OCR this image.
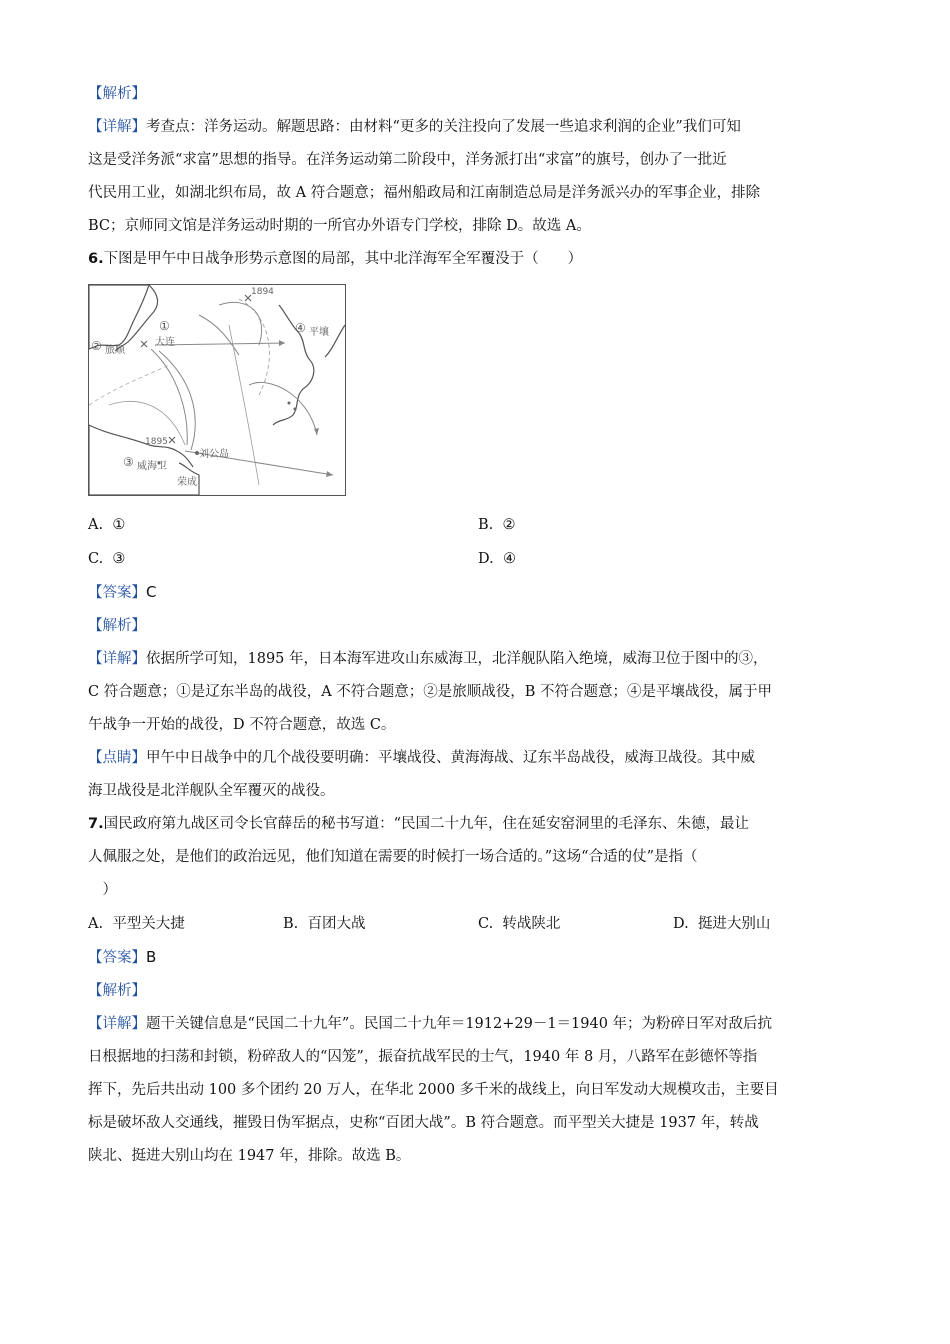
【解析】
【详解】考查点：洋务运动。解题思路：由材料“更多的关注投向了发展一些追求利润的企业”我们可知
这是受洋务派“求富”思想的指导。在洋务运动第二阶段中，洋务派打出“求富”的旗号，创办了一批近
代民用工业，如湖北织布局，故 A 符合题意；福州船政局和江南制造总局是洋务派兴办的军事企业，排除
BC；京师同文馆是洋务运动时期的一所官办外语专门学校，排除 D。故选 A。
6.下图是甲午中日战争形势示意图的局部，其中北洋海军全军覆没于（　　）
1894
1895
①
大连
② 旅顺
④ 平壤
③ 威海卫
刘公岛
荣成
A. ①	B. ②
C. ③	D. ④
【答案】C
【解析】
【详解】依据所学可知，1895 年，日本海军进攻山东威海卫，北洋舰队陷入绝境，威海卫位于图中的③，
C 符合题意；①是辽东半岛的战役，A 不符合题意；②是旅顺战役，B 不符合题意；④是平壤战役，属于甲
午战争一开始的战役，D 不符合题意，故选 C。
【点睛】甲午中日战争中的几个战役要明确：平壤战役、黄海海战、辽东半岛战役，威海卫战役。其中威
海卫战役是北洋舰队全军覆灭的战役。
7.国民政府第九战区司令长官薛岳的秘书写道：“民国二十九年，住在延安窑洞里的毛泽东、朱德，最让
人佩服之处，是他们的政治远见，他们知道在需要的时候打一场合适的。”这场“合适的仗”是指（
　）
A. 平型关大捷	B. 百团大战	C. 转战陕北	D. 挺进大别山
【答案】B
【解析】
【详解】题干关键信息是“民国二十九年”。民国二十九年＝1912+29－1＝1940 年；为粉碎日军对敌后抗
日根据地的扫荡和封锁，粉碎敌人的“囚笼”，振奋抗战军民的士气，1940 年 8 月，八路军在彭德怀等指
挥下，先后共出动 100 多个团约 20 万人，在华北 2000 多千米的战线上，向日军发动大规模攻击，主要目
标是破坏敌人交通线，摧毁日伪军据点，史称“百团大战”。B 符合题意。而平型关大捷是 1937 年，转战
陕北、挺进大别山均在 1947 年，排除。故选 B。
